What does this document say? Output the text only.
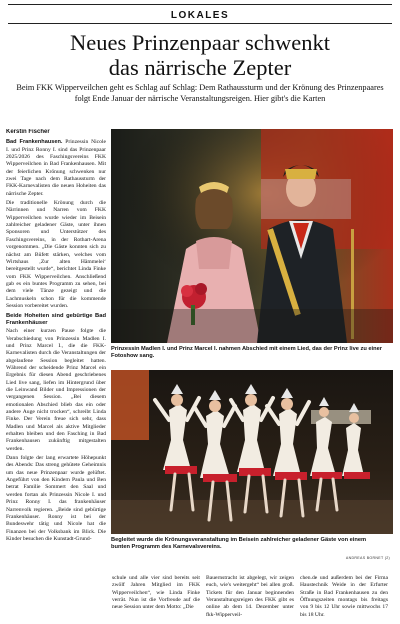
LOKALES
Neues Prinzenpaar schwenkt
das närrische Zepter

Beim FKK Wipperveilchen geht es Schlag auf Schlag: Dem Rathaussturm und der Krönung des Prinzenpaares folgt Ende Januar der närrische Veranstaltungsreigen. Hier gibt's die Karten

Kerstin Fischer

Bad Frankenhausen. Prinzessin Nicole I. und Prinz Ronny I. sind das Prinzenpaar 2025/2026 des Faschingsvereins FKK Wipperveilchen in Bad Frankenhausen. Mit der feierlichen Krönung schwenken nur zwei Tage nach dem Rathaussturm der FKK-Karnevalisten die neuen Hoheiten das närrische Zepter.

Die traditionelle Krönung durch die Närrinnen und Narren vom FKK Wipperveilchen wurde wieder im Beisein zahlreicher geladener Gäste, unter ihnen Sponsoren und Unterstützer des Faschingsvereins, in der Rothart-Arena vorgenommen. „Die Gäste konnten sich zu nächst am Büfett stärken, welches vom Wirtshaus ‚Zur alten Hämmelei‘ bereitgestellt wurde“, berichtet Linda Finke vom FKK Wipperveilchen. Anschließend gab es ein buntes Programm zu sehen, bei dem viele Tänze gezeigt und die Lachmuskeln schon für die kommende Session vorbereitet wurden.

Beide Hoheiten sind gebürtige Bad Frankenhäuser

Nach einer kurzen Pause folgte die Verabschiedung von Prinzessin Madlen I. und Prinz Marcel I., die die FKK-Karnevalisten durch die Veranstaltungen der abgelaufene Session begleitet hatten. Während der scheidende Prinz Marcel ein Ergebnis für diesen Abend geschriebenes Lied live sang, liefen im Hintergrund über die Leinwand Bilder und Impressionen der vergangenen Session. „Bei diesem emotionalen Abschied blieb das ein oder andere Auge nicht trocken“, schreibt Linda Finke. Der Verein freue sich sehr, dass Madlen und Marcel als aktive Mitglieder erhalten bleiben und den Fasching in Bad Frankenhausen zukünftig mitgestalten werden.

Dann folgte der lang erwartete Höhepunkt des Abends: Das streng gehütete Geheimnis um das neue Prinzenpaar wurde gelüftet. Angeführt von den Kindern Paula und Ben betrat Familie Sommert den Saal und werden fortan als Prinzessin Nicole I. und Prinz Ronny I. das frankenhäuser Narrenvolk regieren. „Beide sind gebürtige Frankenhäuser. Ronny ist bei der Bundeswehr tätig und Nicole hat die Finanzen bei der Volksbank im Blick. Die Kinder besuchen die Kunstadt-Grund-

Prinzessin Madlen I. und Prinz Marcel I. nahmen Abschied mit einem Lied, das der Prinz live zu einer Fotoshow sang.
Begleitet wurde die Krönungsveranstaltung im Beisein zahlreicher geladener Gäste von einem bunten Programm des Karnevalsvereins.
ANDREAS BORNET (2)
schule und alle vier sind bereits seit zwölf Jahren Mitglied im FKK Wipperveilchen“, wie Linda Finke verrät. Nun ist die Vorfreude auf die neue Session unter dem Motto: „Die
Bauernstracht ist abgelegt, wir zeigen euch, wie's weitergeht“ bei allen groß. Tickets für den Januar beginnenden Veranstaltungsreigen des FKK gibt es online ab dem 14. Dezember unter fkk-Wipperveil-
chen.de und außerdem bei der Firma Haustechnik Weide in der Erfurter Straße in Bad Frankenhausen zu den Öffnungszeiten montags bis freitags von 9 bis 12 Uhr sowie mittwochs 17 bis 18 Uhr.
